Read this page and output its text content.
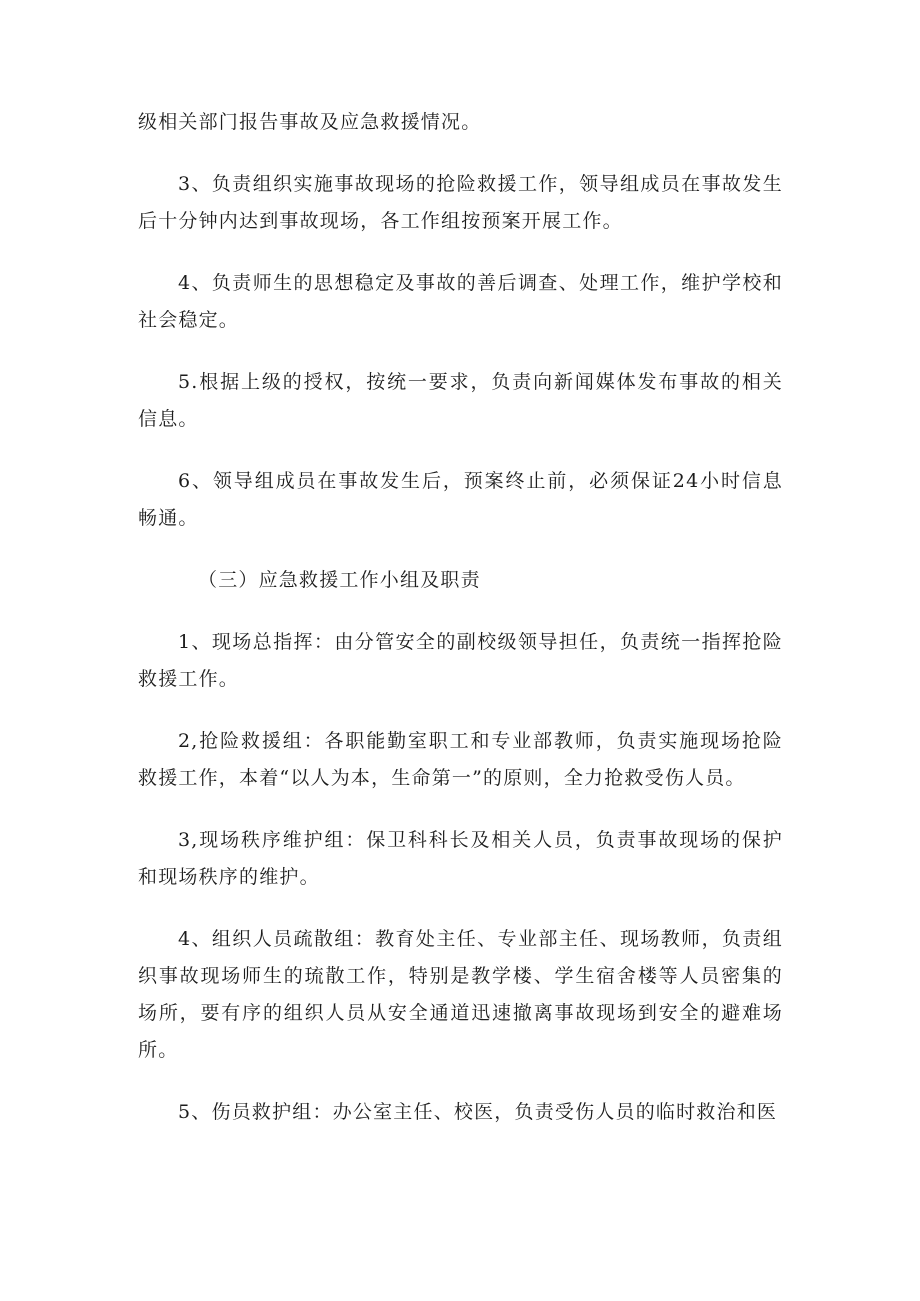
级相关部门报告事故及应急救援情况。

3、负责组织实施事故现场的抢险救援工作，领导组成员在事故发生后十分钟内达到事故现场，各工作组按预案开展工作。

4、负责师生的思想稳定及事故的善后调查、处理工作，维护学校和社会稳定。

5.根据上级的授权，按统一要求，负责向新闻媒体发布事故的相关信息。

6、领导组成员在事故发生后，预案终止前，必须保证24小时信息畅通。

（三）应急救援工作小组及职责

1、现场总指挥：由分管安全的副校级领导担任，负责统一指挥抢险救援工作。

2,抢险救援组：各职能勤室职工和专业部教师，负责实施现场抢险救援工作，本着“以人为本，生命第一”的原则，全力抢救受伤人员。

3,现场秩序维护组：保卫科科长及相关人员，负责事故现场的保护和现场秩序的维护。

4、组织人员疏散组：教育处主任、专业部主任、现场教师，负责组织事故现场师生的琉散工作，特别是教学楼、学生宿舍楼等人员密集的场所，要有序的组织人员从安全通道迅速撤离事故现场到安全的避难场所。

5、伤员救护组：办公室主任、校医，负责受伤人员的临时救治和医
